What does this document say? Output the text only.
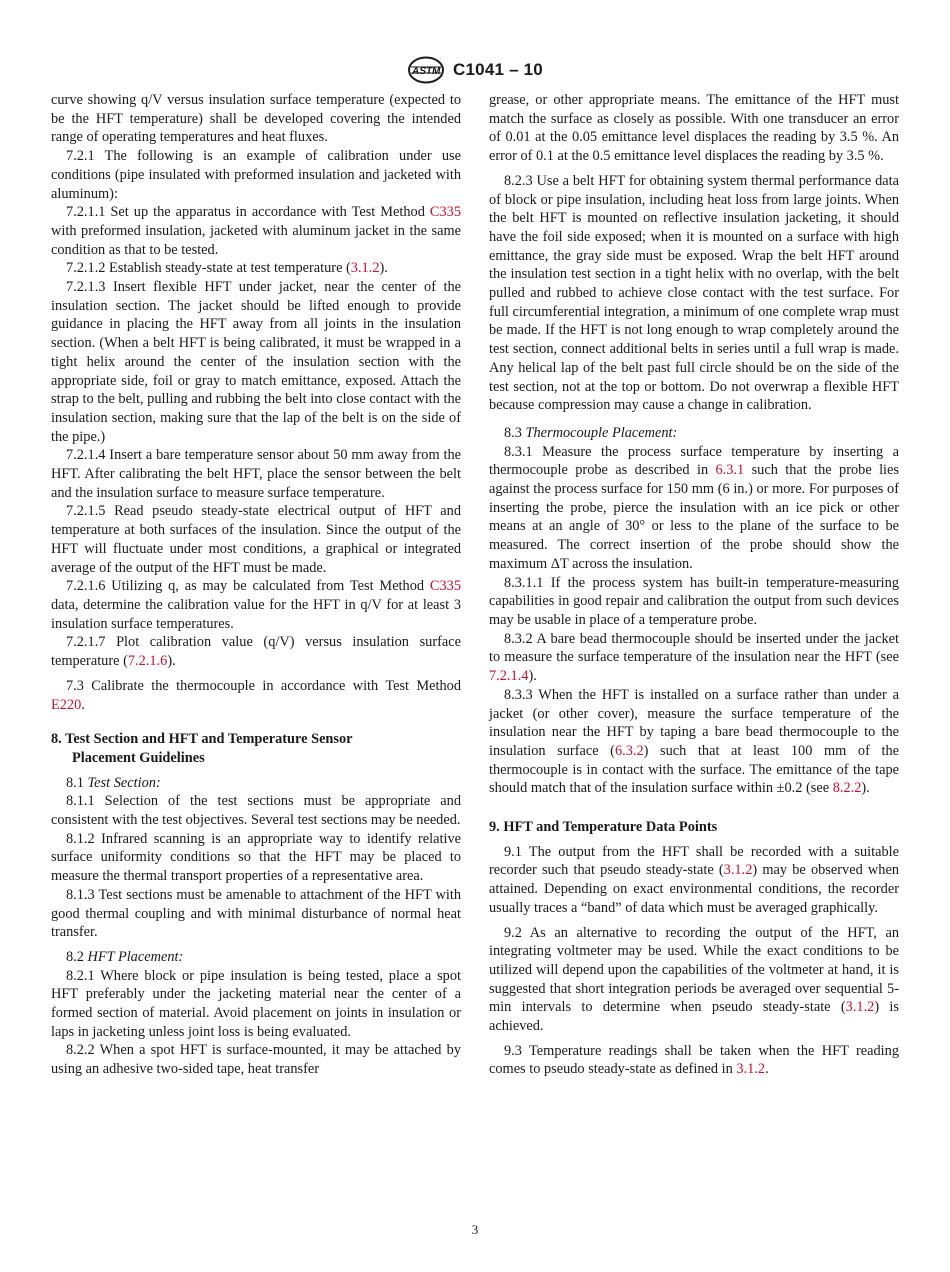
ASTM C1041 – 10

curve showing q/V versus insulation surface temperature (expected to be the HFT temperature) shall be developed covering the intended range of operating temperatures and heat fluxes.

7.2.1 The following is an example of calibration under use conditions (pipe insulated with preformed insulation and jacketed with aluminum):

7.2.1.1 Set up the apparatus in accordance with Test Method C335 with preformed insulation, jacketed with aluminum jacket in the same condition as that to be tested.

7.2.1.2 Establish steady-state at test temperature (3.1.2).

7.2.1.3 Insert flexible HFT under jacket, near the center of the insulation section. The jacket should be lifted enough to provide guidance in placing the HFT away from all joints in the insulation section. (When a belt HFT is being calibrated, it must be wrapped in a tight helix around the center of the insulation section with the appropriate side, foil or gray to match emittance, exposed. Attach the strap to the belt, pulling and rubbing the belt into close contact with the insulation section, making sure that the lap of the belt is on the side of the pipe.)

7.2.1.4 Insert a bare temperature sensor about 50 mm away from the HFT. After calibrating the belt HFT, place the sensor between the belt and the insulation surface to measure surface temperature.

7.2.1.5 Read pseudo steady-state electrical output of HFT and temperature at both surfaces of the insulation. Since the output of the HFT will fluctuate under most conditions, a graphical or integrated average of the output of the HFT must be made.

7.2.1.6 Utilizing q, as may be calculated from Test Method C335 data, determine the calibration value for the HFT in q/V for at least 3 insulation surface temperatures.

7.2.1.7 Plot calibration value (q/V) versus insulation surface temperature (7.2.1.6).

7.3 Calibrate the thermocouple in accordance with Test Method E220.

8. Test Section and HFT and Temperature Sensor
Placement Guidelines

8.1 Test Section:

8.1.1 Selection of the test sections must be appropriate and consistent with the test objectives. Several test sections may be needed.

8.1.2 Infrared scanning is an appropriate way to identify relative surface uniformity conditions so that the HFT may be placed to measure the thermal transport properties of a representative area.

8.1.3 Test sections must be amenable to attachment of the HFT with good thermal coupling and with minimal disturbance of normal heat transfer.

8.2 HFT Placement:

8.2.1 Where block or pipe insulation is being tested, place a spot HFT preferably under the jacketing material near the center of a formed section of material. Avoid placement on joints in insulation or laps in jacketing unless joint loss is being evaluated.

8.2.2 When a spot HFT is surface-mounted, it may be attached by using an adhesive two-sided tape, heat transfer

grease, or other appropriate means. The emittance of the HFT must match the surface as closely as possible. With one transducer an error of 0.01 at the 0.05 emittance level displaces the reading by 3.5 %. An error of 0.1 at the 0.5 emittance level displaces the reading by 3.5 %.

8.2.3 Use a belt HFT for obtaining system thermal performance data of block or pipe insulation, including heat loss from large joints. When the belt HFT is mounted on reflective insulation jacketing, it should have the foil side exposed; when it is mounted on a surface with high emittance, the gray side must be exposed. Wrap the belt HFT around the insulation test section in a tight helix with no overlap, with the belt pulled and rubbed to achieve close contact with the test surface. For full circumferential integration, a minimum of one complete wrap must be made. If the HFT is not long enough to wrap completely around the test section, connect additional belts in series until a full wrap is made. Any helical lap of the belt past full circle should be on the side of the test section, not at the top or bottom. Do not overwrap a flexible HFT because compression may cause a change in calibration.

8.3 Thermocouple Placement:

8.3.1 Measure the process surface temperature by inserting a thermocouple probe as described in 6.3.1 such that the probe lies against the process surface for 150 mm (6 in.) or more. For purposes of inserting the probe, pierce the insulation with an ice pick or other means at an angle of 30° or less to the plane of the surface to be measured. The correct insertion of the probe should show the maximum ΔT across the insulation.

8.3.1.1 If the process system has built-in temperature-measuring capabilities in good repair and calibration the output from such devices may be usable in place of a temperature probe.

8.3.2 A bare bead thermocouple should be inserted under the jacket to measure the surface temperature of the insulation near the HFT (see 7.2.1.4).

8.3.3 When the HFT is installed on a surface rather than under a jacket (or other cover), measure the surface temperature of the insulation near the HFT by taping a bare bead thermocouple to the insulation surface (6.3.2) such that at least 100 mm of the thermocouple is in contact with the surface. The emittance of the tape should match that of the insulation surface within ±0.2 (see 8.2.2).

9. HFT and Temperature Data Points

9.1 The output from the HFT shall be recorded with a suitable recorder such that pseudo steady-state (3.1.2) may be observed when attained. Depending on exact environmental conditions, the recorder usually traces a “band” of data which must be averaged graphically.

9.2 As an alternative to recording the output of the HFT, an integrating voltmeter may be used. While the exact conditions to be utilized will depend upon the capabilities of the voltmeter at hand, it is suggested that short integration periods be averaged over sequential 5-min intervals to determine when pseudo steady-state (3.1.2) is achieved.

9.3 Temperature readings shall be taken when the HFT reading comes to pseudo steady-state as defined in 3.1.2.

3
